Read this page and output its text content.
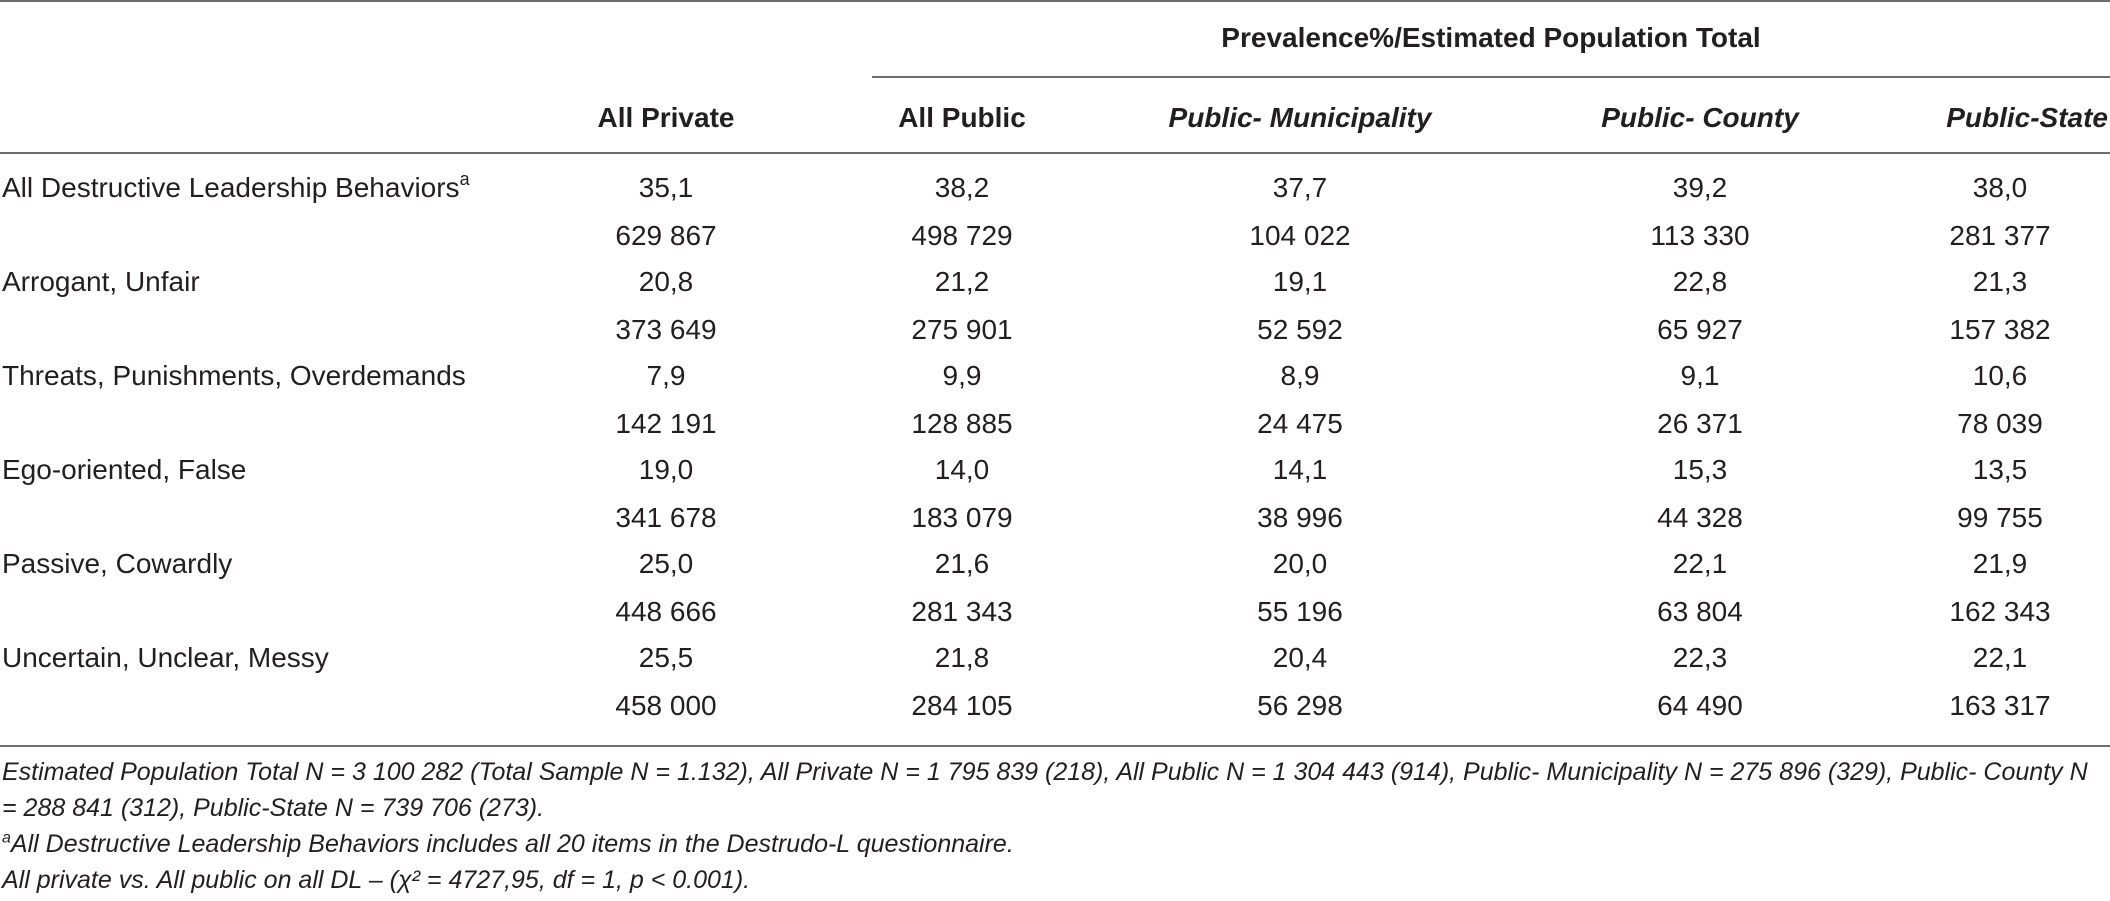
Prevalence%/Estimated Population Total
All Private	All Public	Public- Municipality	Public- County	Public-State
All Destructive Leadership Behaviors$^a$	35,1	38,2	37,7	39,2	38,0
629 867	498 729	104 022	113 330	281 377
Arrogant, Unfair	20,8	21,2	19,1	22,8	21,3
373 649	275 901	52 592	65 927	157 382
Threats, Punishments, Overdemands	7,9	9,9	8,9	9,1	10,6
142 191	128 885	24 475	26 371	78 039
Ego-oriented, False	19,0	14,0	14,1	15,3	13,5
341 678	183 079	38 996	44 328	99 755
Passive, Cowardly	25,0	21,6	20,0	22,1	21,9
448 666	281 343	55 196	63 804	162 343
Uncertain, Unclear, Messy	25,5	21,8	20,4	22,3	22,1
458 000	284 105	56 298	64 490	163 317

Estimated Population Total N = 3 100 282 (Total Sample N = 1.132), All Private N = 1 795 839 (218), All Public N = 1 304 443 (914), Public- Municipality N = 275 896 (329), Public- County N = 288 841 (312), Public-State N = 739 706 (273).

$^a$All Destructive Leadership Behaviors includes all 20 items in the Destrudo-L questionnaire.

All private vs. All public on all DL – (χ² = 4727,95, df = 1, p < 0.001).
